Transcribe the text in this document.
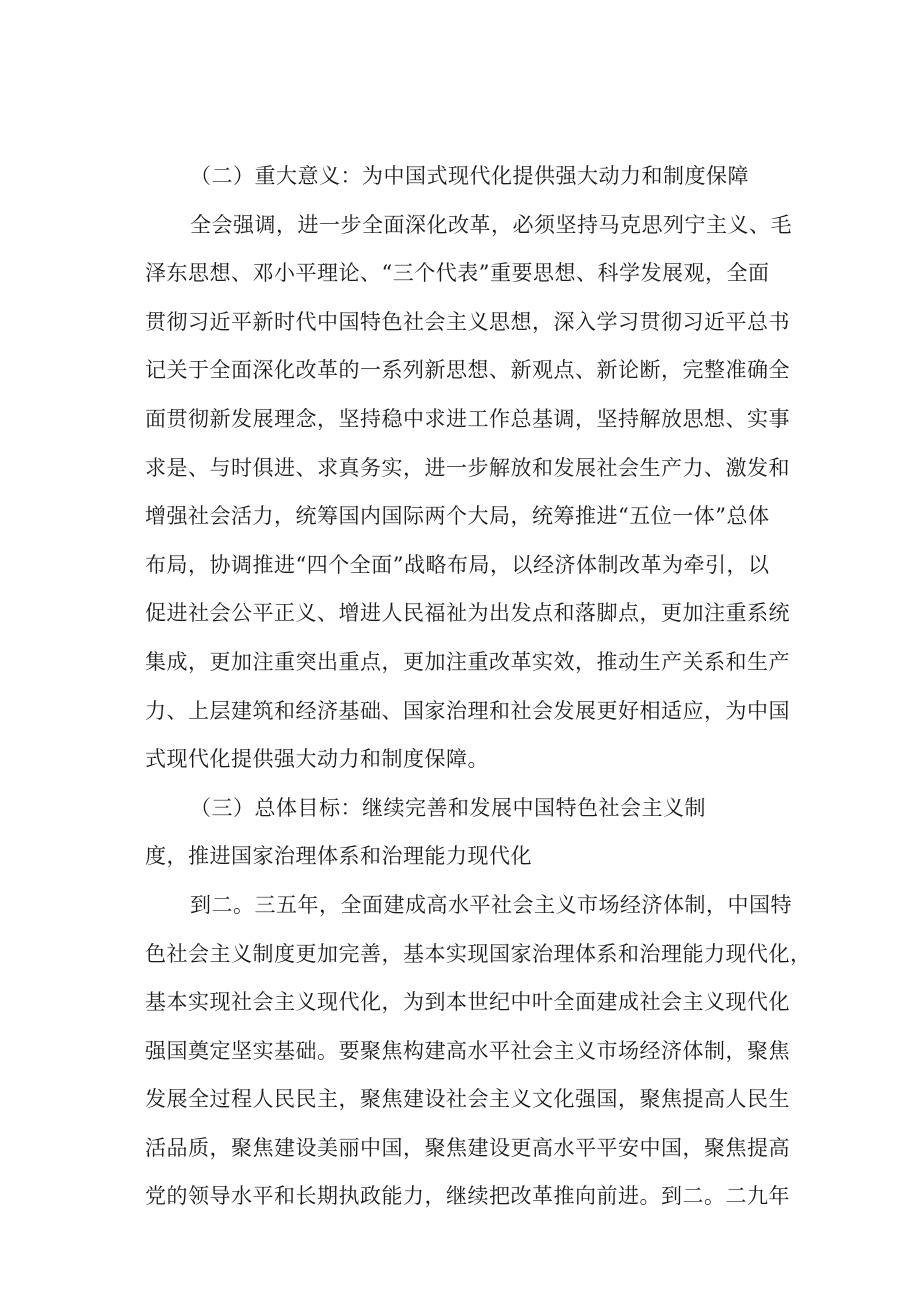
（二）重大意义：为中国式现代化提供强大动力和制度保障
全会强调，进一步全面深化改革，必须坚持马克思列宁主义、毛
泽东思想、邓小平理论、“三个代表”重要思想、科学发展观，全面
贯彻习近平新时代中国特色社会主义思想，深入学习贯彻习近平总书
记关于全面深化改革的一系列新思想、新观点、新论断，完整准确全
面贯彻新发展理念，坚持稳中求进工作总基调，坚持解放思想、实事
求是、与时俱进、求真务实，进一步解放和发展社会生产力、激发和
增强社会活力，统筹国内国际两个大局，统筹推进“五位一体”总体
布局，协调推进“四个全面”战略布局，以经济体制改革为牵引，以
促进社会公平正义、增进人民福祉为出发点和落脚点，更加注重系统
集成，更加注重突出重点，更加注重改革实效，推动生产关系和生产
力、上层建筑和经济基础、国家治理和社会发展更好相适应，为中国
式现代化提供强大动力和制度保障。
（三）总体目标：继续完善和发展中国特色社会主义制
度，推进国家治理体系和治理能力现代化
到二。三五年，全面建成高水平社会主义市场经济体制，中国特
色社会主义制度更加完善，基本实现国家治理体系和治理能力现代化，
基本实现社会主义现代化，为到本世纪中叶全面建成社会主义现代化
强国奠定坚实基础。要聚焦构建高水平社会主义市场经济体制，聚焦
发展全过程人民民主，聚焦建设社会主义文化强国，聚焦提高人民生
活品质，聚焦建设美丽中国，聚焦建设更高水平平安中国，聚焦提高
党的领导水平和长期执政能力，继续把改革推向前进。到二。二九年
